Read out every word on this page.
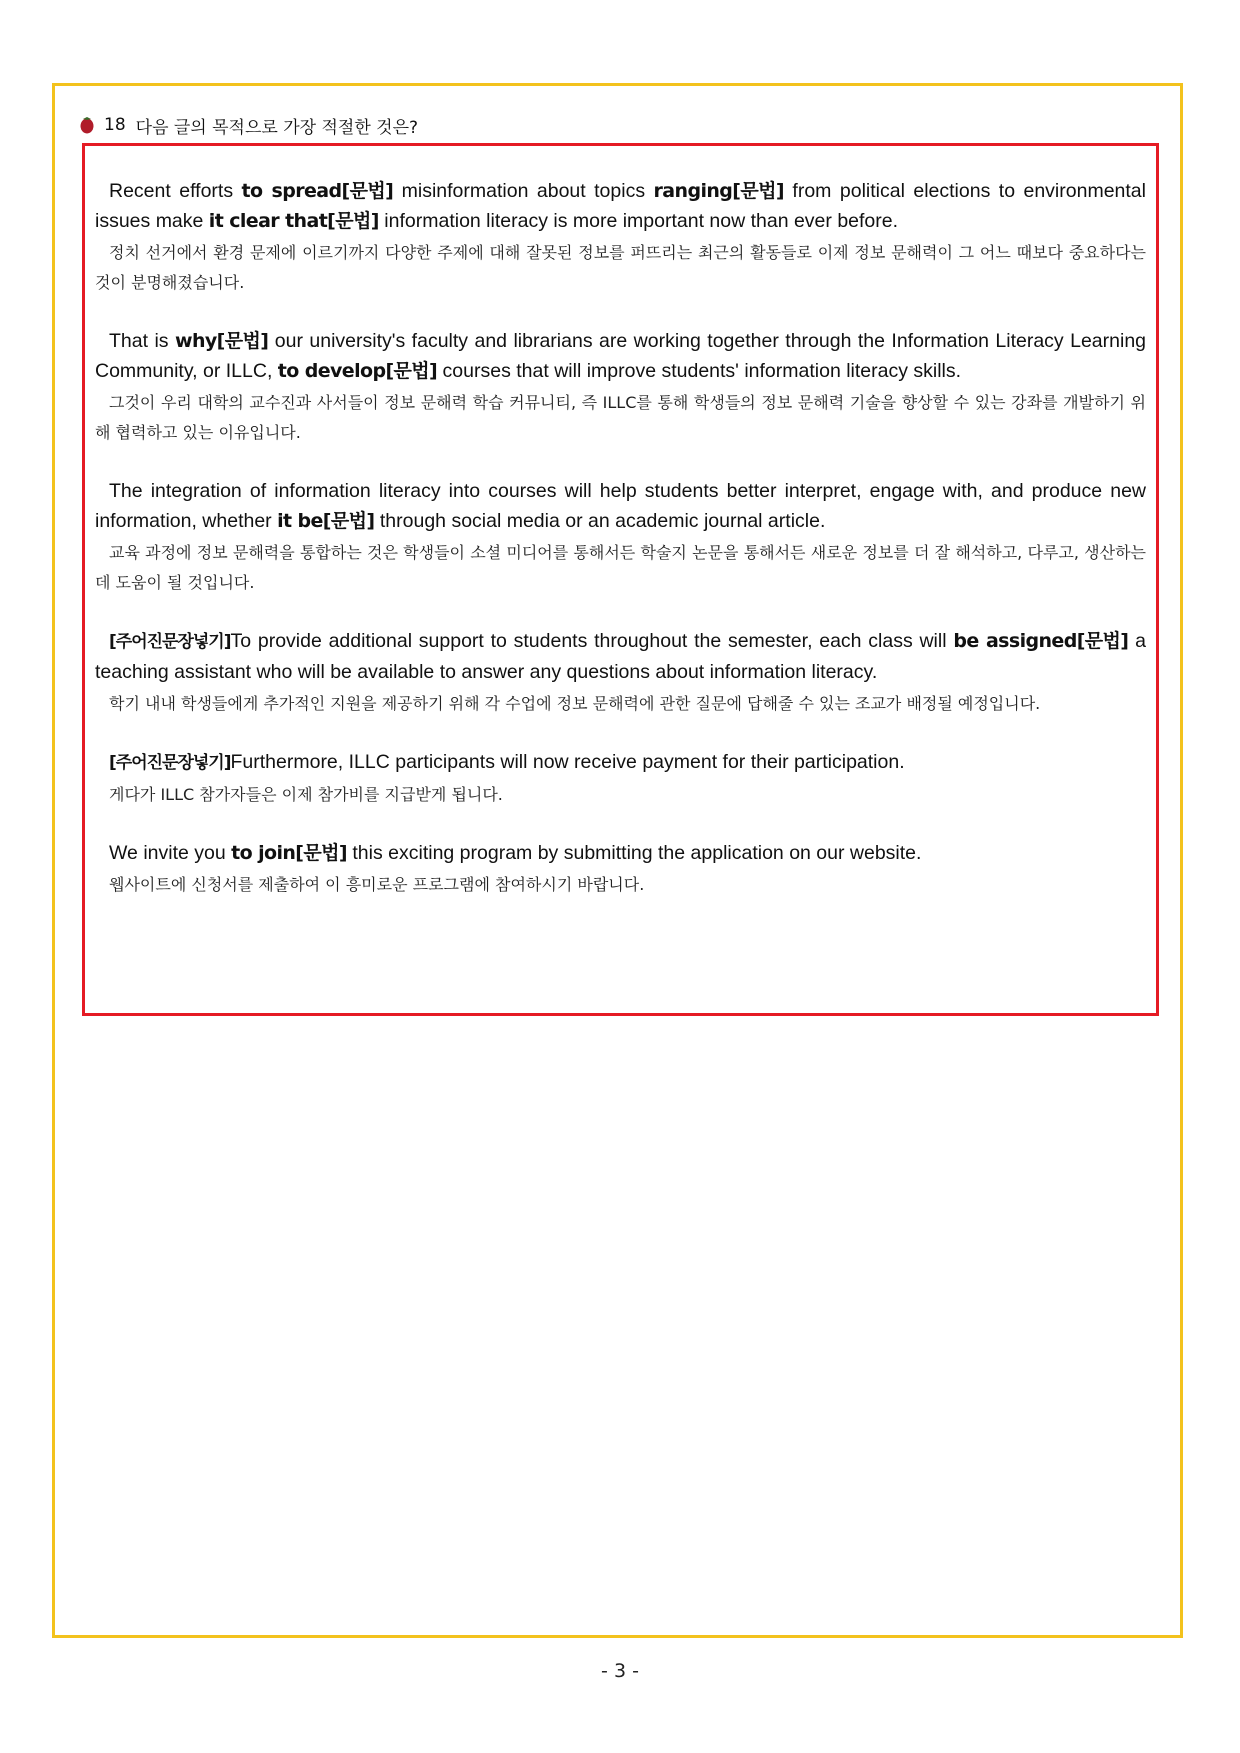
18 다음 글의 목적으로 가장 적절한 것은?
Recent efforts to spread[문법] misinformation about topics ranging[문법] from political elections to environmental issues make it clear that[문법] information literacy is more important now than ever before.
정치 선거에서 환경 문제에 이르기까지 다양한 주제에 대해 잘못된 정보를 퍼뜨리는 최근의 활동들로 이제 정보 문해력이 그 어느 때보다 중요하다는 것이 분명해졌습니다.
That is why[문법] our university's faculty and librarians are working together through the Information Literacy Learning Community, or ILLC, to develop[문법] courses that will improve students' information literacy skills.
그것이 우리 대학의 교수진과 사서들이 정보 문해력 학습 커뮤니티, 즉 ILLC를 통해 학생들의 정보 문해력 기술을 향상할 수 있는 강좌를 개발하기 위해 협력하고 있는 이유입니다.
The integration of information literacy into courses will help students better interpret, engage with, and produce new information, whether it be[문법] through social media or an academic journal article.
교육 과정에 정보 문해력을 통합하는 것은 학생들이 소셜 미디어를 통해서든 학술지 논문을 통해서든 새로운 정보를 더 잘 해석하고, 다루고, 생산하는 데 도움이 될 것입니다.
[주어진문장넣기]To provide additional support to students throughout the semester, each class will be assigned[문법] a teaching assistant who will be available to answer any questions about information literacy.
학기 내내 학생들에게 추가적인 지원을 제공하기 위해 각 수업에 정보 문해력에 관한 질문에 답해줄 수 있는 조교가 배정될 예정입니다.
[주어진문장넣기]Furthermore, ILLC participants will now receive payment for their participation.
게다가 ILLC 참가자들은 이제 참가비를 지급받게 됩니다.
We invite you to join[문법] this exciting program by submitting the application on our website.
웹사이트에 신청서를 제출하여 이 흥미로운 프로그램에 참여하시기 바랍니다.
- 3 -
